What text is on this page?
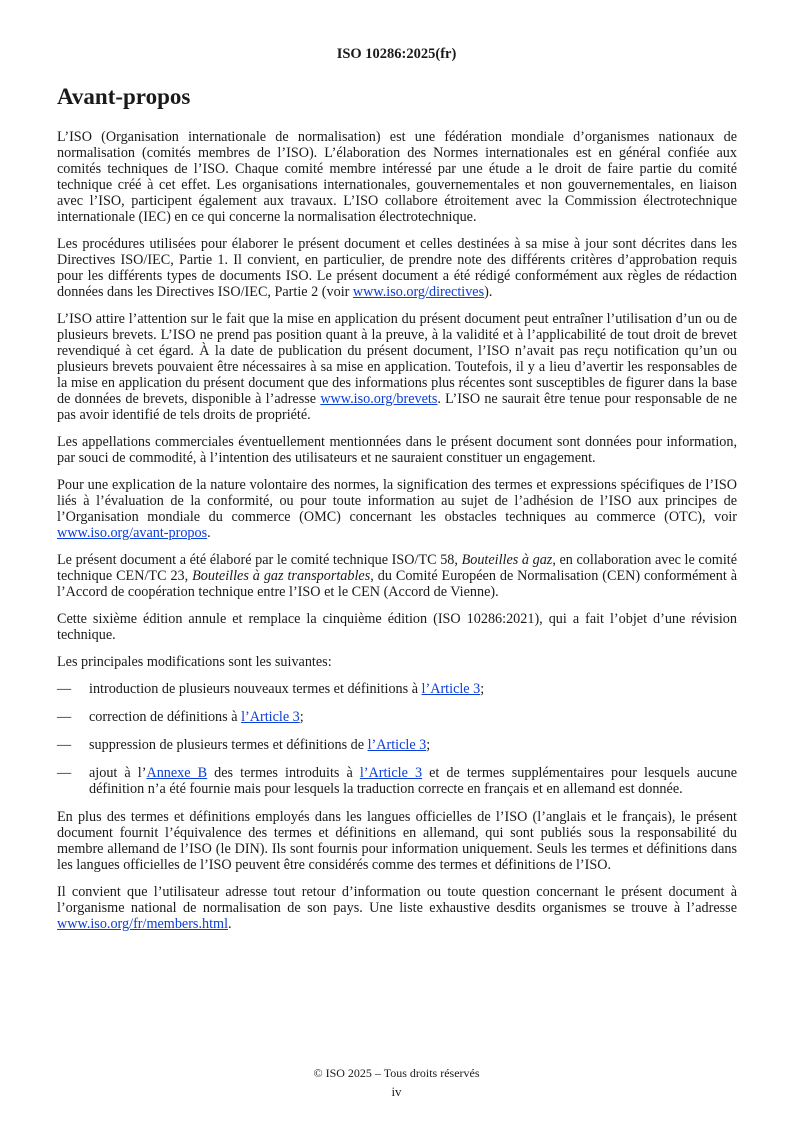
ISO 10286:2025(fr)
Avant-propos

L’ISO (Organisation internationale de normalisation) est une fédération mondiale d’organismes nationaux de normalisation (comités membres de l’ISO). L’élaboration des Normes internationales est en général confiée aux comités techniques de l’ISO. Chaque comité membre intéressé par une étude a le droit de faire partie du comité technique créé à cet effet. Les organisations internationales, gouvernementales et non gouvernementales, en liaison avec l’ISO, participent également aux travaux. L’ISO collabore étroitement avec la Commission électrotechnique internationale (IEC) en ce qui concerne la normalisation électrotechnique.

Les procédures utilisées pour élaborer le présent document et celles destinées à sa mise à jour sont décrites dans les Directives ISO/IEC, Partie 1. Il convient, en particulier, de prendre note des différents critères d’approbation requis pour les différents types de documents ISO. Le présent document a été rédigé conformément aux règles de rédaction données dans les Directives ISO/IEC, Partie 2 (voir www.iso.org/directives).

L’ISO attire l’attention sur le fait que la mise en application du présent document peut entraîner l’utilisation d’un ou de plusieurs brevets. L’ISO ne prend pas position quant à la preuve, à la validité et à l’applicabilité de tout droit de brevet revendiqué à cet égard. À la date de publication du présent document, l’ISO n’avait pas reçu notification qu’un ou plusieurs brevets pouvaient être nécessaires à sa mise en application. Toutefois, il y a lieu d’avertir les responsables de la mise en application du présent document que des informations plus récentes sont susceptibles de figurer dans la base de données de brevets, disponible à l’adresse www.iso.org/brevets. L’ISO ne saurait être tenue pour responsable de ne pas avoir identifié de tels droits de propriété.

Les appellations commerciales éventuellement mentionnées dans le présent document sont données pour information, par souci de commodité, à l’intention des utilisateurs et ne sauraient constituer un engagement.

Pour une explication de la nature volontaire des normes, la signification des termes et expressions spécifiques de l’ISO liés à l’évaluation de la conformité, ou pour toute information au sujet de l’adhésion de l’ISO aux principes de l’Organisation mondiale du commerce (OMC) concernant les obstacles techniques au commerce (OTC), voir www.iso.org/avant-propos.

Le présent document a été élaboré par le comité technique ISO/TC 58, Bouteilles à gaz, en collaboration avec le comité technique CEN/TC 23, Bouteilles à gaz transportables, du Comité Européen de Normalisation (CEN) conformément à l’Accord de coopération technique entre l’ISO et le CEN (Accord de Vienne).

Cette sixième édition annule et remplace la cinquième édition (ISO 10286:2021), qui a fait l’objet d’une révision technique.

Les principales modifications sont les suivantes:

—	introduction de plusieurs nouveaux termes et définitions à l’Article 3;
—	correction de définitions à l’Article 3;
—	suppression de plusieurs termes et définitions de l’Article 3;
—	ajout à l’Annexe B des termes introduits à l’Article 3 et de termes supplémentaires pour lesquels aucune définition n’a été fournie mais pour lesquels la traduction correcte en français et en allemand est donnée.

En plus des termes et définitions employés dans les langues officielles de l’ISO (l’anglais et le français), le présent document fournit l’équivalence des termes et définitions en allemand, qui sont publiés sous la responsabilité du membre allemand de l’ISO (le DIN). Ils sont fournis pour information uniquement. Seuls les termes et définitions dans les langues officielles de l’ISO peuvent être considérés comme des termes et définitions de l’ISO.

Il convient que l’utilisateur adresse tout retour d’information ou toute question concernant le présent document à l’organisme national de normalisation de son pays. Une liste exhaustive desdits organismes se trouve à l’adresse www.iso.org/fr/members.html.

© ISO 2025 – Tous droits réservés
iv
